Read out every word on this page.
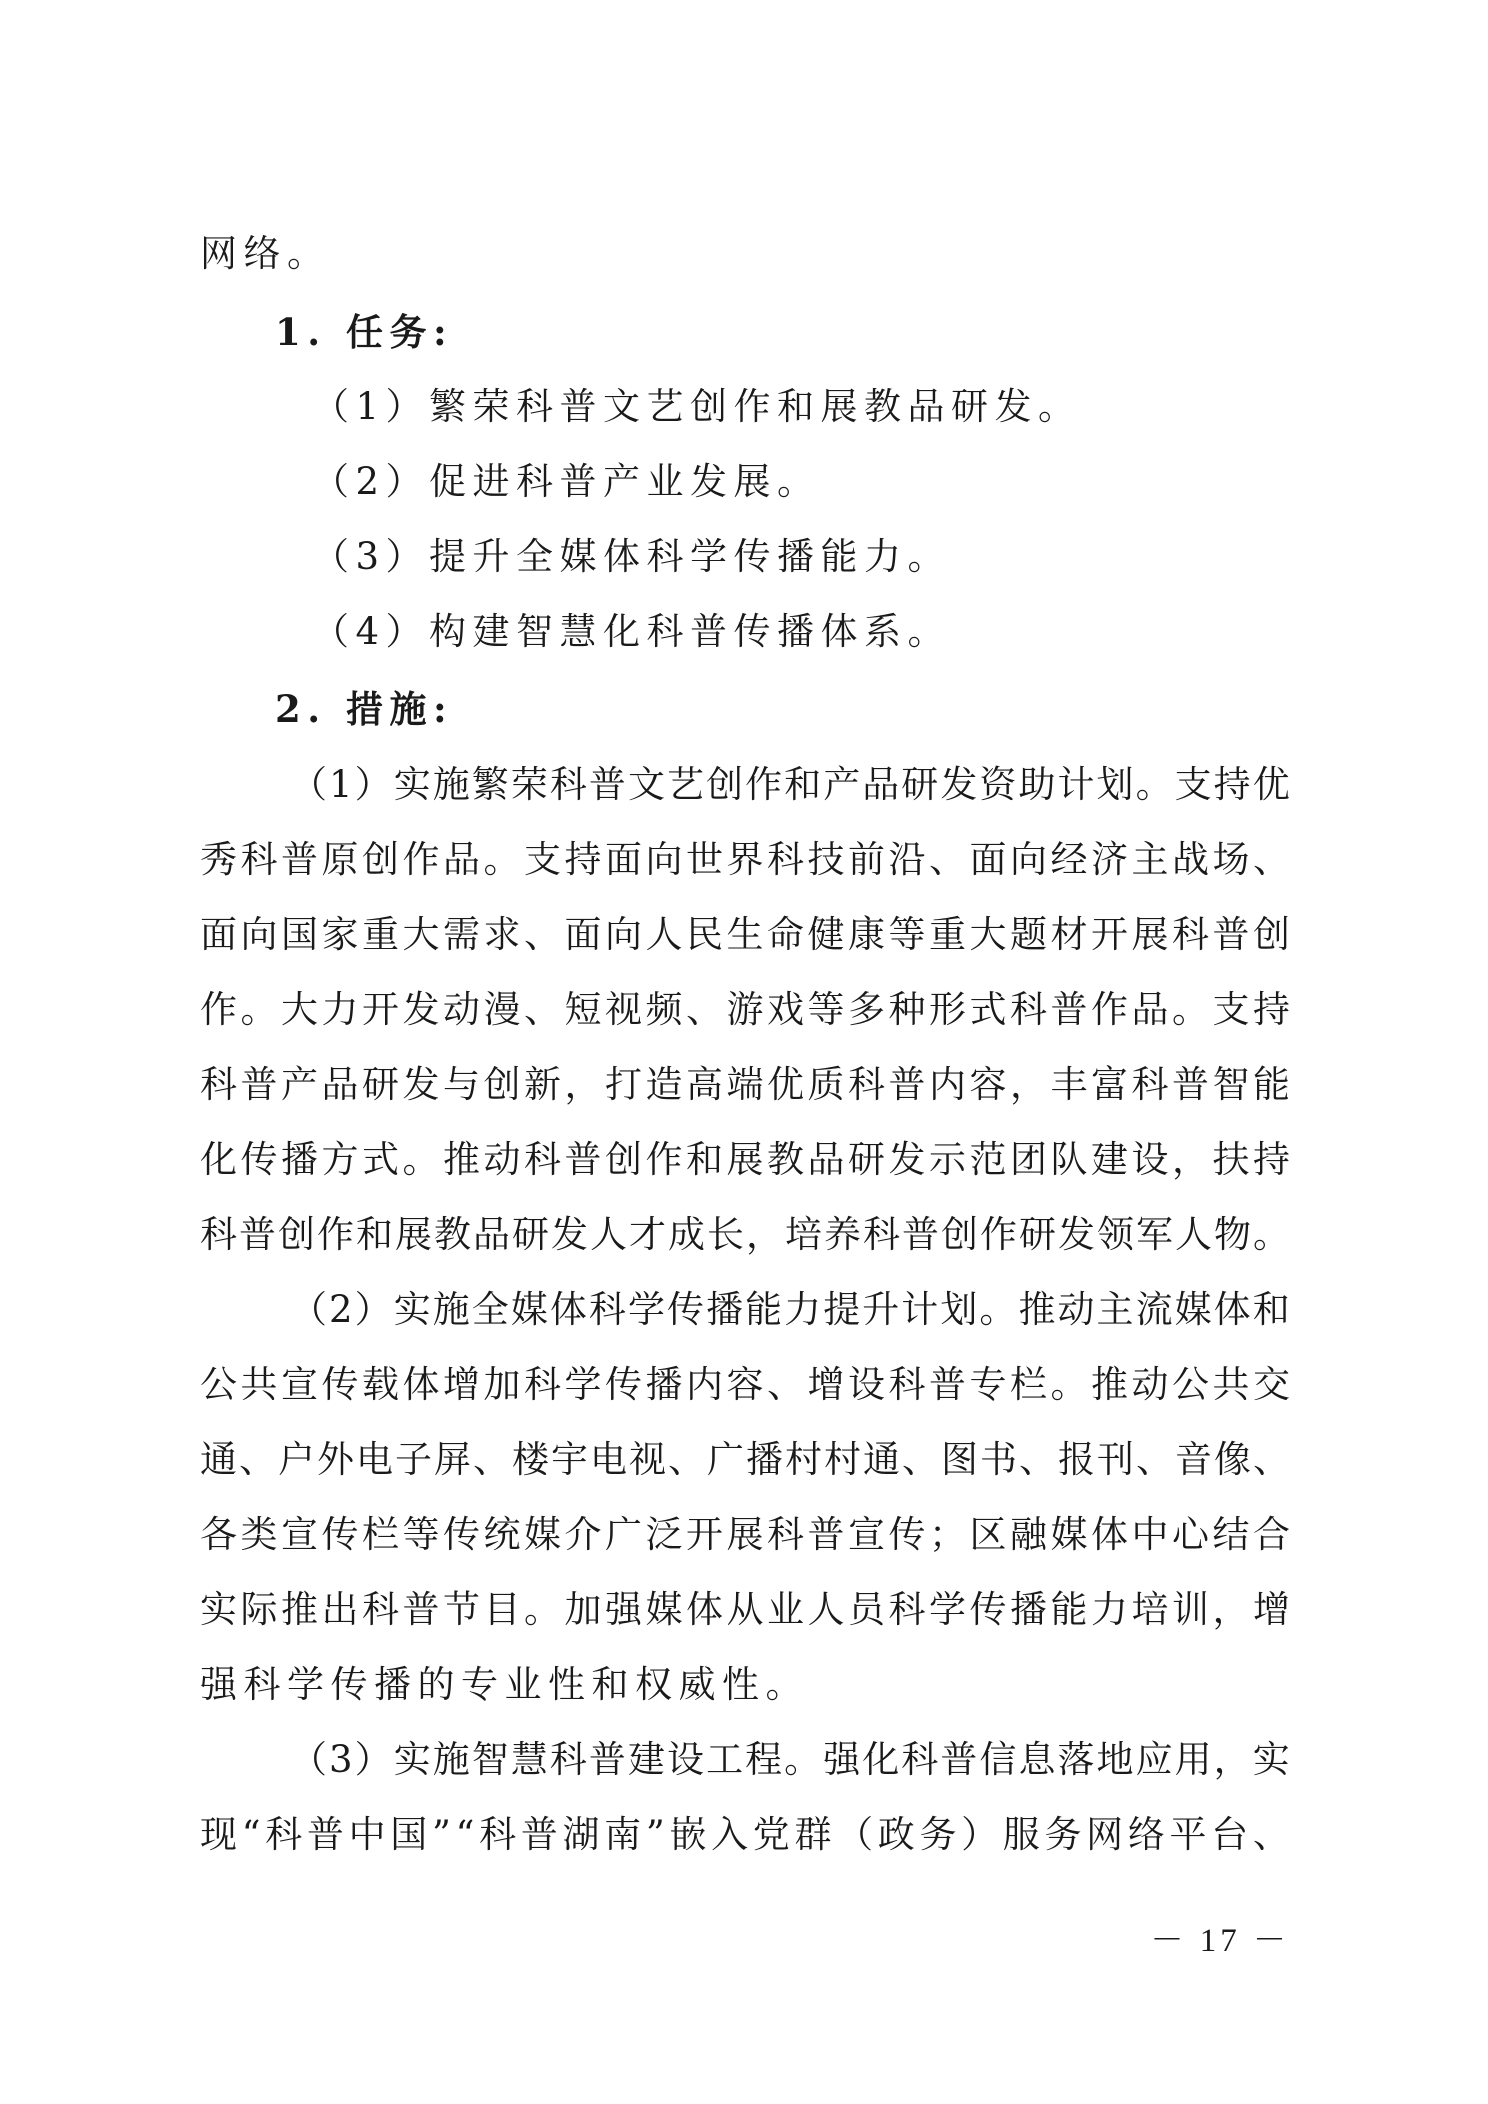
网络。
1. 任务:
（1）繁荣科普文艺创作和展教品研发。
（2）促进科普产业发展。
（3）提升全媒体科学传播能力。
（4）构建智慧化科普传播体系。
2. 措施:
（ 1 ） 实 施 繁 荣 科 普 文 艺 创 作 和 产 品 研 发 资 助 计 划 。 支 持 优
秀 科 普 原 创 作 品 。 支 持 面 向 世 界 科 技 前 沿 、 面 向 经 济 主 战 场 、
面 向 国 家 重 大 需 求 、 面 向 人 民 生 命 健 康 等 重 大 题 材 开 展 科 普 创
作 。 大 力 开 发 动 漫 、 短 视 频 、 游 戏 等 多 种 形 式 科 普 作 品 。 支 持
科 普 产 品 研 发 与 创 新 ， 打 造 高 端 优 质 科 普 内 容 ， 丰 富 科 普 智 能
化 传 播 方 式 。 推 动 科 普 创 作 和 展 教 品 研 发 示 范 团 队 建 设 ， 扶 持
科 普 创 作 和 展 教 品 研 发 人 才 成 长 ， 培 养 科 普 创 作 研 发 领 军 人 物 。
（ 2 ） 实 施 全 媒 体 科 学 传 播 能 力 提 升 计 划 。 推 动 主 流 媒 体 和
公 共 宣 传 载 体 增 加 科 学 传 播 内 容 、 增 设 科 普 专 栏 。 推 动 公 共 交
通 、 户 外 电 子 屏 、 楼 宇 电 视 、 广 播 村 村 通 、 图 书 、 报 刊 、 音 像 、
各 类 宣 传 栏 等 传 统 媒 介 广 泛 开 展 科 普 宣 传 ； 区 融 媒 体 中 心 结 合
实 际 推 出 科 普 节 目 。 加 强 媒 体 从 业 人 员 科 学 传 播 能 力 培 训 ， 增
强科学传播的专业性和权威性。
（ 3 ） 实 施 智 慧 科 普 建 设 工 程 。 强 化 科 普 信 息 落 地 应 用 ， 实
现 “ 科 普 中 国 ” “ 科 普 湖 南 ” 嵌 入 党 群 （ 政 务 ） 服 务 网 络 平 台 、
－ 17 －
